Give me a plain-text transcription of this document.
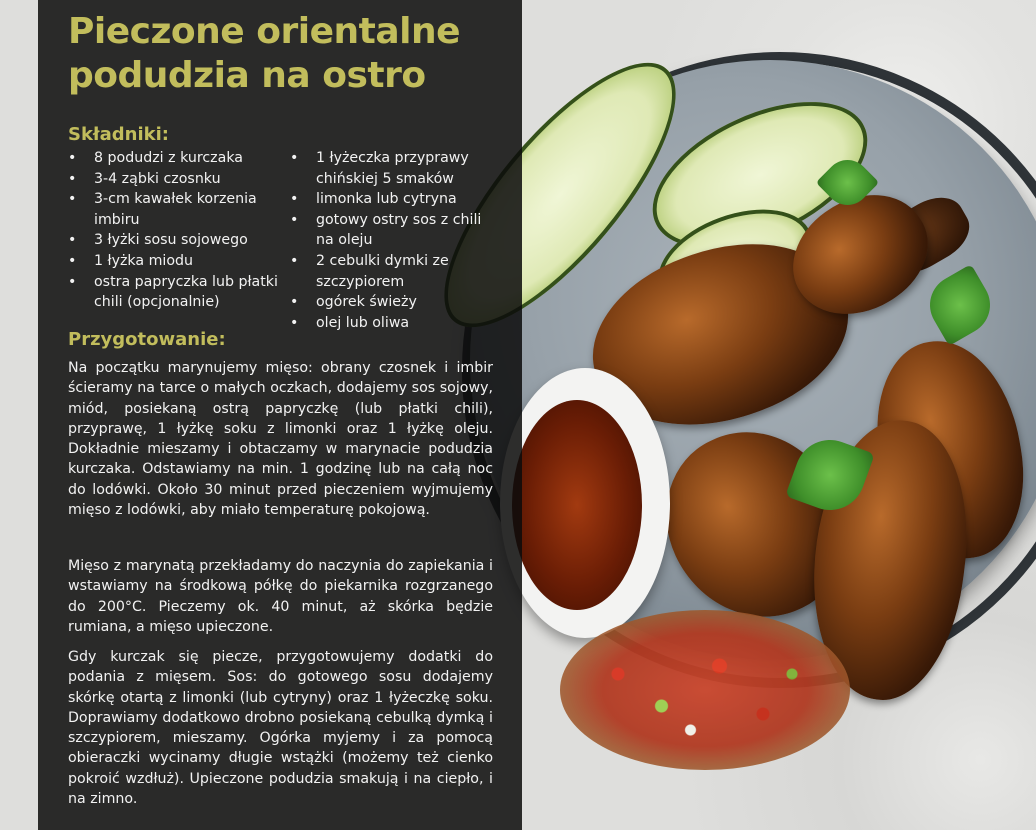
Pieczone orientalne podudzia na ostro
Składniki:
• 8 podudzi z kurczaka
• 3-4 ząbki czosnku
• 3-cm kawałek korzenia imbiru
• 3 łyżki sosu sojowego
• 1 łyżka miodu
• ostra papryczka lub płatki chili (opcjonalnie)
• 1 łyżeczka przyprawy chińskiej 5 smaków
• limonka lub cytryna
• gotowy ostry sos z chili na oleju
• 2 cebulki dymki ze szczypiorem
• ogórek świeży
• olej lub oliwa
Przygotowanie:

Na początku marynujemy mięso: obrany czosnek i imbir ścieramy na tarce o małych oczkach, dodajemy sos sojowy, miód, posiekaną ostrą papryczkę (lub płatki chili), przyprawę, 1 łyżkę soku z limonki oraz 1 łyżkę oleju. Dokładnie mieszamy i obtaczamy w marynacie podudzia kurczaka. Odstawiamy na min. 1 godzinę lub na całą noc do lodówki. Około 30 minut przed pieczeniem wyjmujemy mięso z lodówki, aby miało temperaturę pokojową.

Mięso z marynatą przekładamy do naczynia do zapiekania i wstawiamy na środkową półkę do piekarnika rozgrzanego do 200°C. Pieczemy ok. 40 minut, aż skórka będzie rumiana, a mięso upieczone.

Gdy kurczak się piecze, przygotowujemy dodatki do podania z mięsem. Sos: do gotowego sosu dodajemy skórkę otartą z limonki (lub cytryny) oraz 1 łyżeczkę soku. Doprawiamy dodatkowo drobno posiekaną cebulką dymką i szczypiorem, mieszamy. Ogórka myjemy i za pomocą obieraczki wycinamy długie wstążki (możemy też cienko pokroić wzdłuż). Upieczone podudzia smakują i na ciepło, i na zimno.
